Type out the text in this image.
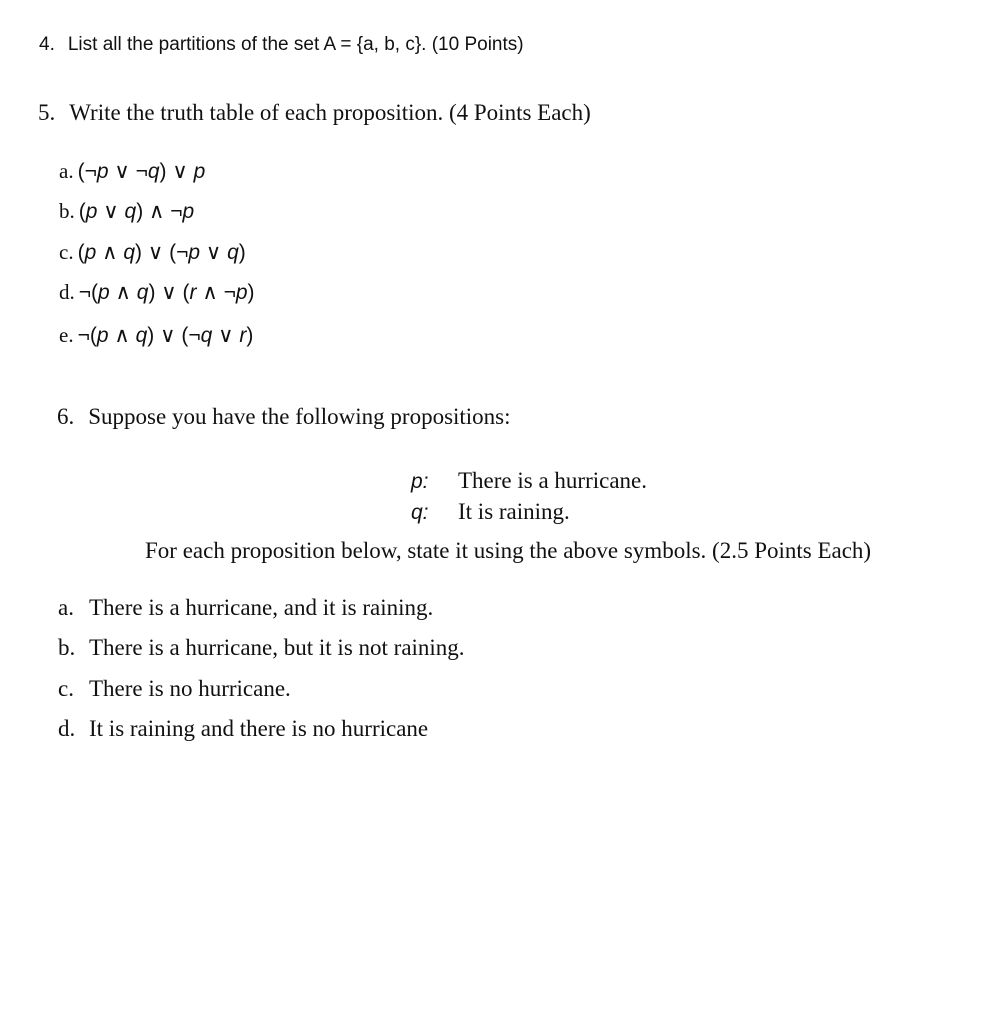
4. List all the partitions of the set A = {a, b, c}. (10 Points)
5. Write the truth table of each proposition. (4 Points Each)
a. (¬p ∨ ¬q) ∨ p
b. (p ∨ q) ∧ ¬p
c. (p ∧ q) ∨ (¬p ∨ q)
d. ¬(p ∧ q) ∨ (r ∧ ¬p)
e. ¬(p ∧ q) ∨ (¬q ∨ r)
6. Suppose you have the following propositions:
p: There is a hurricane.
q: It is raining.
For each proposition below, state it using the above symbols. (2.5 Points Each)
a. There is a hurricane, and it is raining.
b. There is a hurricane, but it is not raining.
c. There is no hurricane.
d. It is raining and there is no hurricane
